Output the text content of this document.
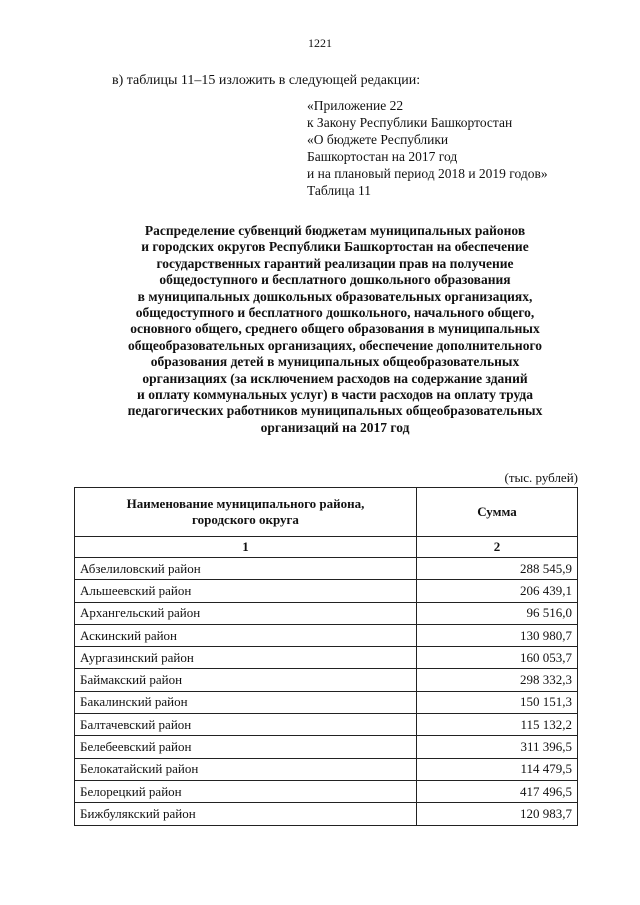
1221
в) таблицы 11–15 изложить в следующей редакции:
«Приложение 22
к Закону Республики Башкортостан
«О бюджете Республики
Башкортостан на 2017 год
и на плановый период 2018 и 2019 годов»
Таблица 11
Распределение субвенций бюджетам муниципальных районов
и городских округов Республики Башкортостан на обеспечение
государственных гарантий реализации прав на получение
общедоступного и бесплатного дошкольного образования
в муниципальных дошкольных образовательных организациях,
общедоступного и бесплатного дошкольного, начального общего,
основного общего, среднего общего образования в муниципальных
общеобразовательных организациях, обеспечение дополнительного
образования детей в муниципальных общеобразовательных
организациях (за исключением расходов на содержание зданий
и оплату коммунальных услуг) в части расходов на оплату труда
педагогических работников муниципальных общеобразовательных
организаций на 2017 год
(тыс. рублей)
Наименование муниципального района,
городского округа	Сумма
1	2
Абзелиловский район	288 545,9
Альшеевский район	206 439,1
Архангельский район	96 516,0
Аскинский район	130 980,7
Аургазинский район	160 053,7
Баймакский район	298 332,3
Бакалинский район	150 151,3
Балтачевский район	115 132,2
Белебеевский район	311 396,5
Белокатайский район	114 479,5
Белорецкий район	417 496,5
Бижбулякский район	120 983,7
